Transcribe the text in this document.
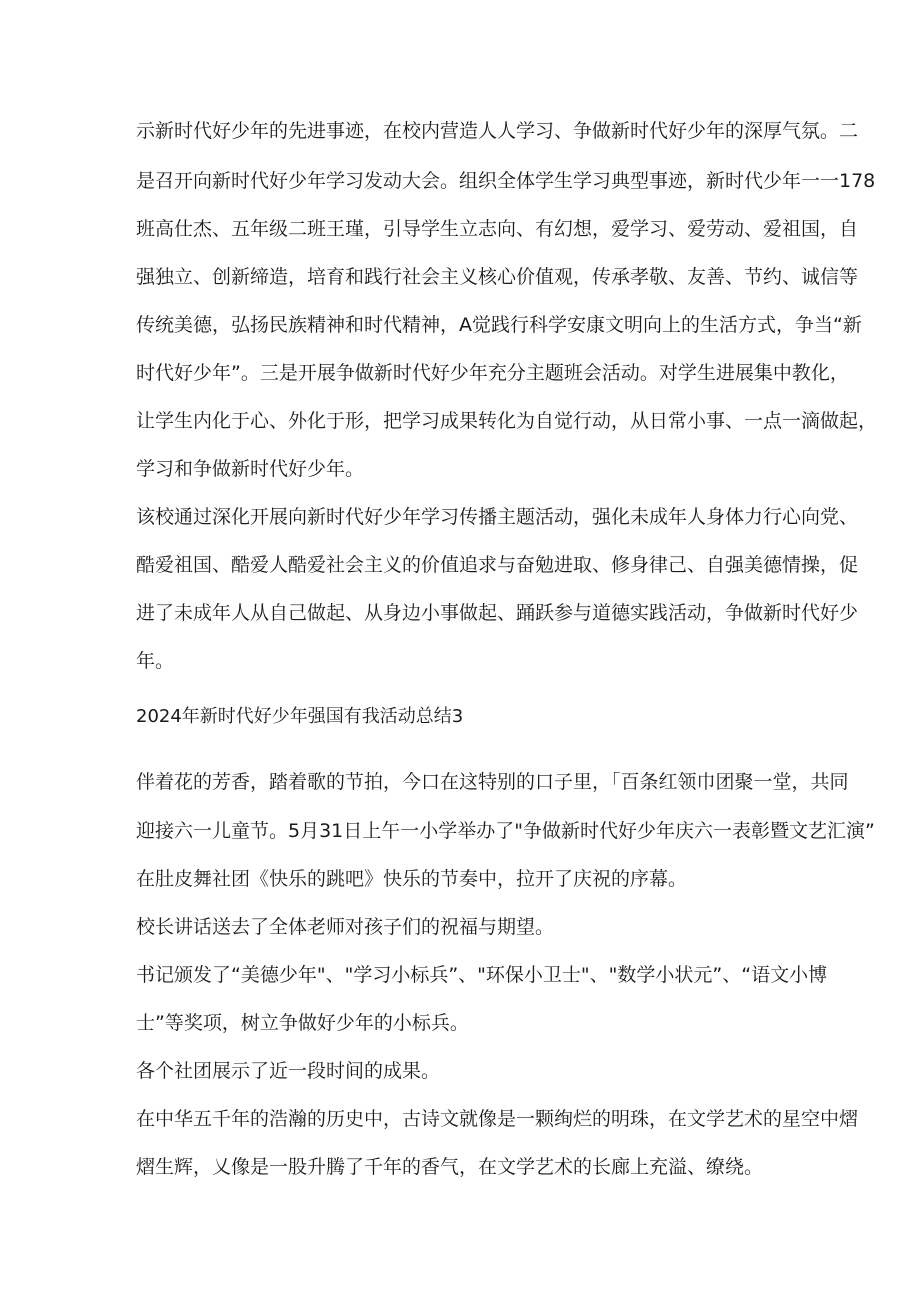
示新时代好少年的先进事迹，在校内营造人人学习、争做新时代好少年的深厚气氛。二
是召开向新时代好少年学习发动大会。组织全体学生学习典型事迹，新时代少年一一178
班高仕杰、五年级二班王瑾，引导学生立志向、有幻想，爱学习、爱劳动、爱祖国，自
强独立、创新缔造，培育和践行社会主义核心价值观，传承孝敬、友善、节约、诚信等
传统美德，弘扬民族精神和时代精神，A觉践行科学安康文明向上的生活方式，争当“新
时代好少年”。三是开展争做新时代好少年充分主题班会活动。对学生进展集中教化，
让学生内化于心、外化于形，把学习成果转化为自觉行动，从日常小事、一点一滴做起，
学习和争做新时代好少年。
该校通过深化开展向新时代好少年学习传播主题活动，强化未成年人身体力行心向党、
酷爱祖国、酷爱人酷爱社会主义的价值追求与奋勉进取、修身律己、自强美德情操，促
进了未成年人从自己做起、从身边小事做起、踊跃参与道德实践活动，争做新时代好少
年。
2024年新时代好少年强国有我活动总结3
伴着花的芳香，踏着歌的节拍，今口在这特别的口子里，「百条红领巾团聚一堂，共同
迎接六一儿童节。5月31日上午一小学举办了"争做新时代好少年庆六一表彰暨文艺汇演”
在肚皮舞社团《快乐的跳吧》快乐的节奏中，拉开了庆祝的序幕。
校长讲话送去了全体老师对孩子们的祝福与期望。
书记颁发了“美德少年"、"学习小标兵”、"环保小卫士"、"数学小状元”、“语文小博
士”等奖项，树立争做好少年的小标兵。
各个社团展示了近一段时间的成果。
在中华五千年的浩瀚的历史中，古诗文就像是一颗绚烂的明珠，在文学艺术的星空中熠
熠生辉，乂像是一股升腾了千年的香气，在文学艺术的长廊上充溢、缭绕。
